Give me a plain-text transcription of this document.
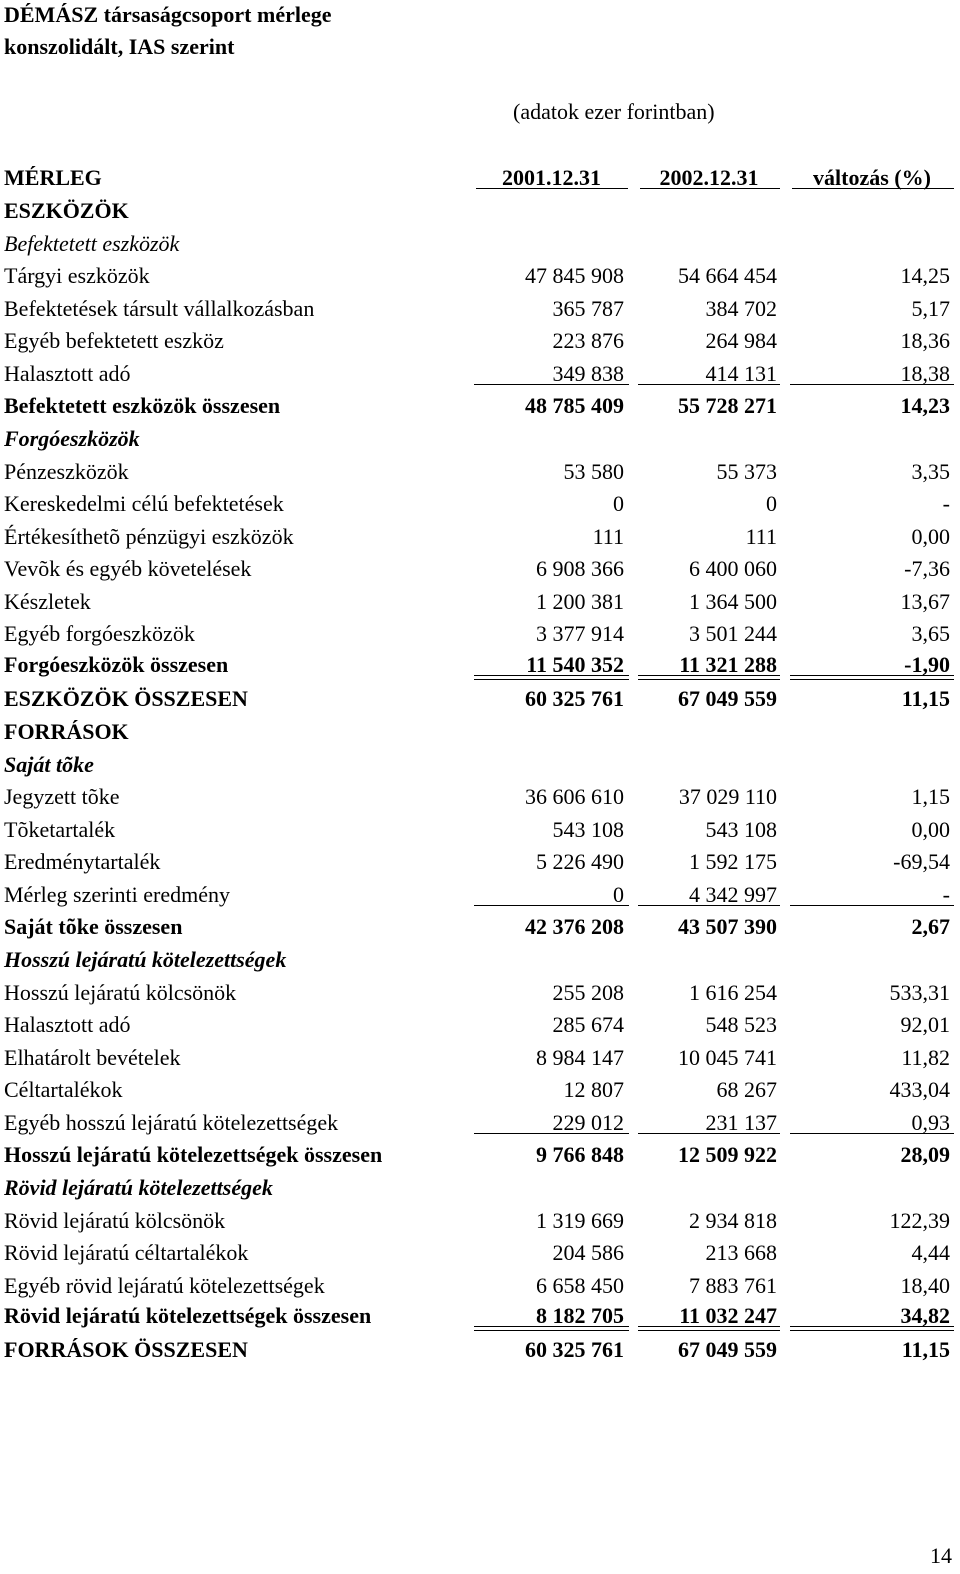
DÉMÁSZ társaságcsoport mérlege
konszolidált, IAS szerint
(adatok ezer forintban)
MÉRLEG	2001.12.31	2002.12.31	változás (%)
ESZKÖZÖK
Befektetett eszközök
Tárgyi eszközök	47 845 908	54 664 454	14,25
Befektetések társult vállalkozásban	365 787	384 702	5,17
Egyéb befektetett eszköz	223 876	264 984	18,36
Halasztott adó	349 838	414 131	18,38
Befektetett eszközök összesen	48 785 409	55 728 271	14,23
Forgóeszközök
Pénzeszközök	53 580	55 373	3,35
Kereskedelmi célú befektetések	0	0	-
Értékesíthetõ pénzügyi eszközök	111	111	0,00
Vevõk és egyéb követelések	6 908 366	6 400 060	-7,36
Készletek	1 200 381	1 364 500	13,67
Egyéb forgóeszközök	3 377 914	3 501 244	3,65
Forgóeszközök összesen	11 540 352	11 321 288	-1,90
ESZKÖZÖK ÖSSZESEN	60 325 761	67 049 559	11,15
FORRÁSOK
Saját tõke
Jegyzett tõke	36 606 610	37 029 110	1,15
Tõketartalék	543 108	543 108	0,00
Eredménytartalék	5 226 490	1 592 175	-69,54
Mérleg szerinti eredmény	0	4 342 997	-
Saját tõke összesen	42 376 208	43 507 390	2,67
Hosszú lejáratú kötelezettségek
Hosszú lejáratú kölcsönök	255 208	1 616 254	533,31
Halasztott adó	285 674	548 523	92,01
Elhatárolt bevételek	8 984 147	10 045 741	11,82
Céltartalékok	12 807	68 267	433,04
Egyéb hosszú lejáratú kötelezettségek	229 012	231 137	0,93
Hosszú lejáratú kötelezettségek összesen	9 766 848	12 509 922	28,09
Rövid lejáratú kötelezettségek
Rövid lejáratú kölcsönök	1 319 669	2 934 818	122,39
Rövid lejáratú céltartalékok	204 586	213 668	4,44
Egyéb rövid lejáratú kötelezettségek	6 658 450	7 883 761	18,40
Rövid lejáratú kötelezettségek összesen	8 182 705	11 032 247	34,82
FORRÁSOK ÖSSZESEN	60 325 761	67 049 559	11,15
14
